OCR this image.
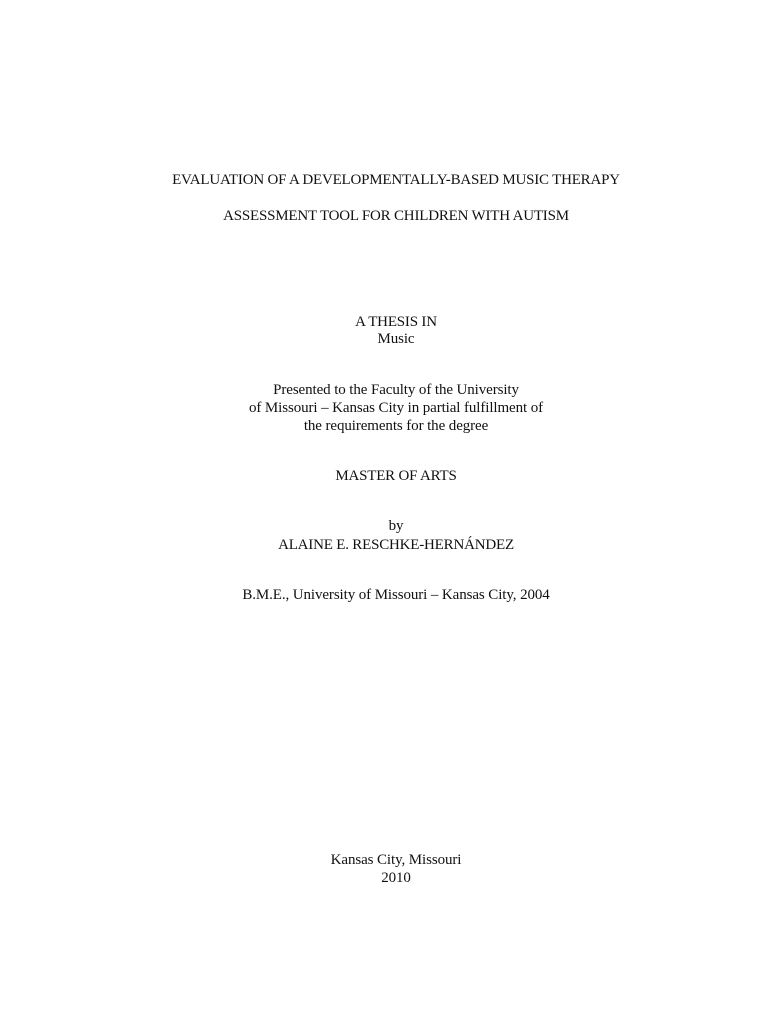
EVALUATION OF A DEVELOPMENTALLY-BASED MUSIC THERAPY
ASSESSMENT TOOL FOR CHILDREN WITH AUTISM
A THESIS IN
Music
Presented to the Faculty of the University
of Missouri – Kansas City in partial fulfillment of
the requirements for the degree
MASTER OF ARTS
by
ALAINE E. RESCHKE-HERNÁNDEZ
B.M.E., University of Missouri – Kansas City, 2004
Kansas City, Missouri
2010
